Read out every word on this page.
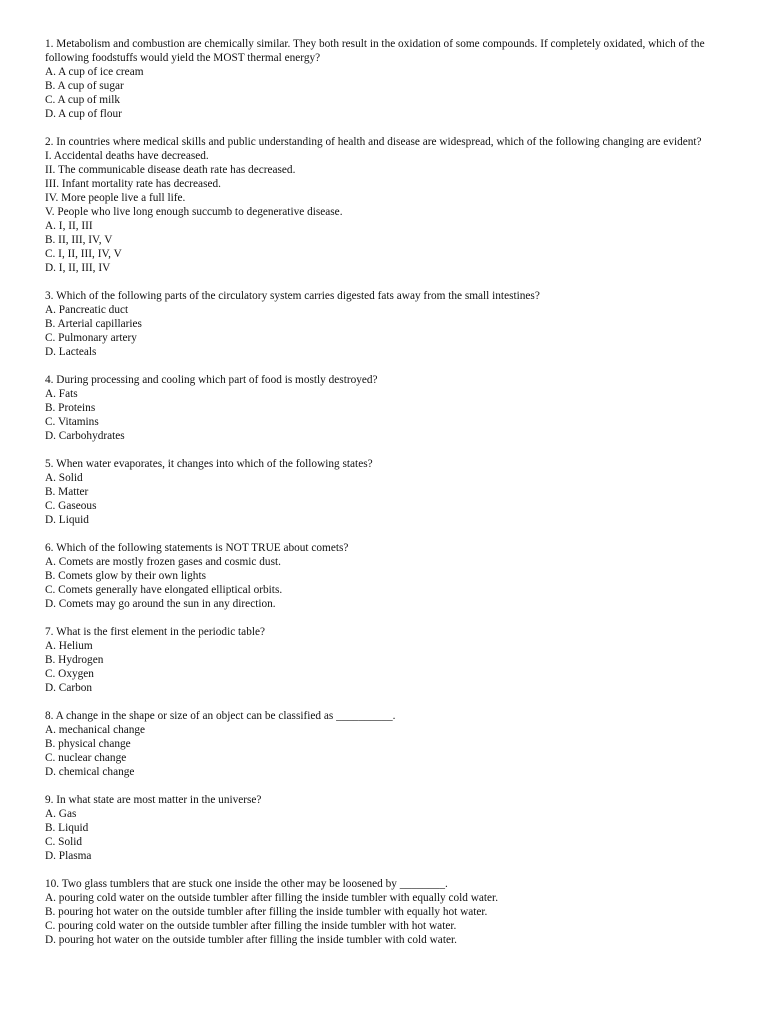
1. Metabolism and combustion are chemically similar. They both result in the oxidation of some compounds. If completely oxidated, which of the following foodstuffs would yield the MOST thermal energy?
A. A cup of ice cream
B. A cup of sugar
C. A cup of milk
D. A cup of flour
2. In countries where medical skills and public understanding of health and disease are widespread, which of the following changing are evident?
I. Accidental deaths have decreased.
II. The communicable disease death rate has decreased.
III. Infant mortality rate has decreased.
IV. More people live a full life.
V. People who live long enough succumb to degenerative disease.
A. I, II, III
B. II, III, IV, V
C. I, II, III, IV, V
D. I, II, III, IV
3. Which of the following parts of the circulatory system carries digested fats away from the small intestines?
A. Pancreatic duct
B. Arterial capillaries
C. Pulmonary artery
D. Lacteals
4. During processing and cooling which part of food is mostly destroyed?
A. Fats
B. Proteins
C. Vitamins
D. Carbohydrates
5. When water evaporates, it changes into which of the following states?
A. Solid
B. Matter
C. Gaseous
D. Liquid
6. Which of the following statements is NOT TRUE about comets?
A. Comets are mostly frozen gases and cosmic dust.
B. Comets glow by their own lights
C. Comets generally have elongated elliptical orbits.
D. Comets may go around the sun in any direction.
7. What is the first element in the periodic table?
A. Helium
B. Hydrogen
C. Oxygen
D. Carbon
8. A change in the shape or size of an object can be classified as __________.
A. mechanical change
B. physical change
C. nuclear change
D. chemical change
9. In what state are most matter in the universe?
A. Gas
B. Liquid
C. Solid
D. Plasma
10. Two glass tumblers that are stuck one inside the other may be loosened by ________.
A. pouring cold water on the outside tumbler after filling the inside tumbler with equally cold water.
B. pouring hot water on the outside tumbler after filling the inside tumbler with equally hot water.
C. pouring cold water on the outside tumbler after filling the inside tumbler with hot water.
D. pouring hot water on the outside tumbler after filling the inside tumbler with cold water.
